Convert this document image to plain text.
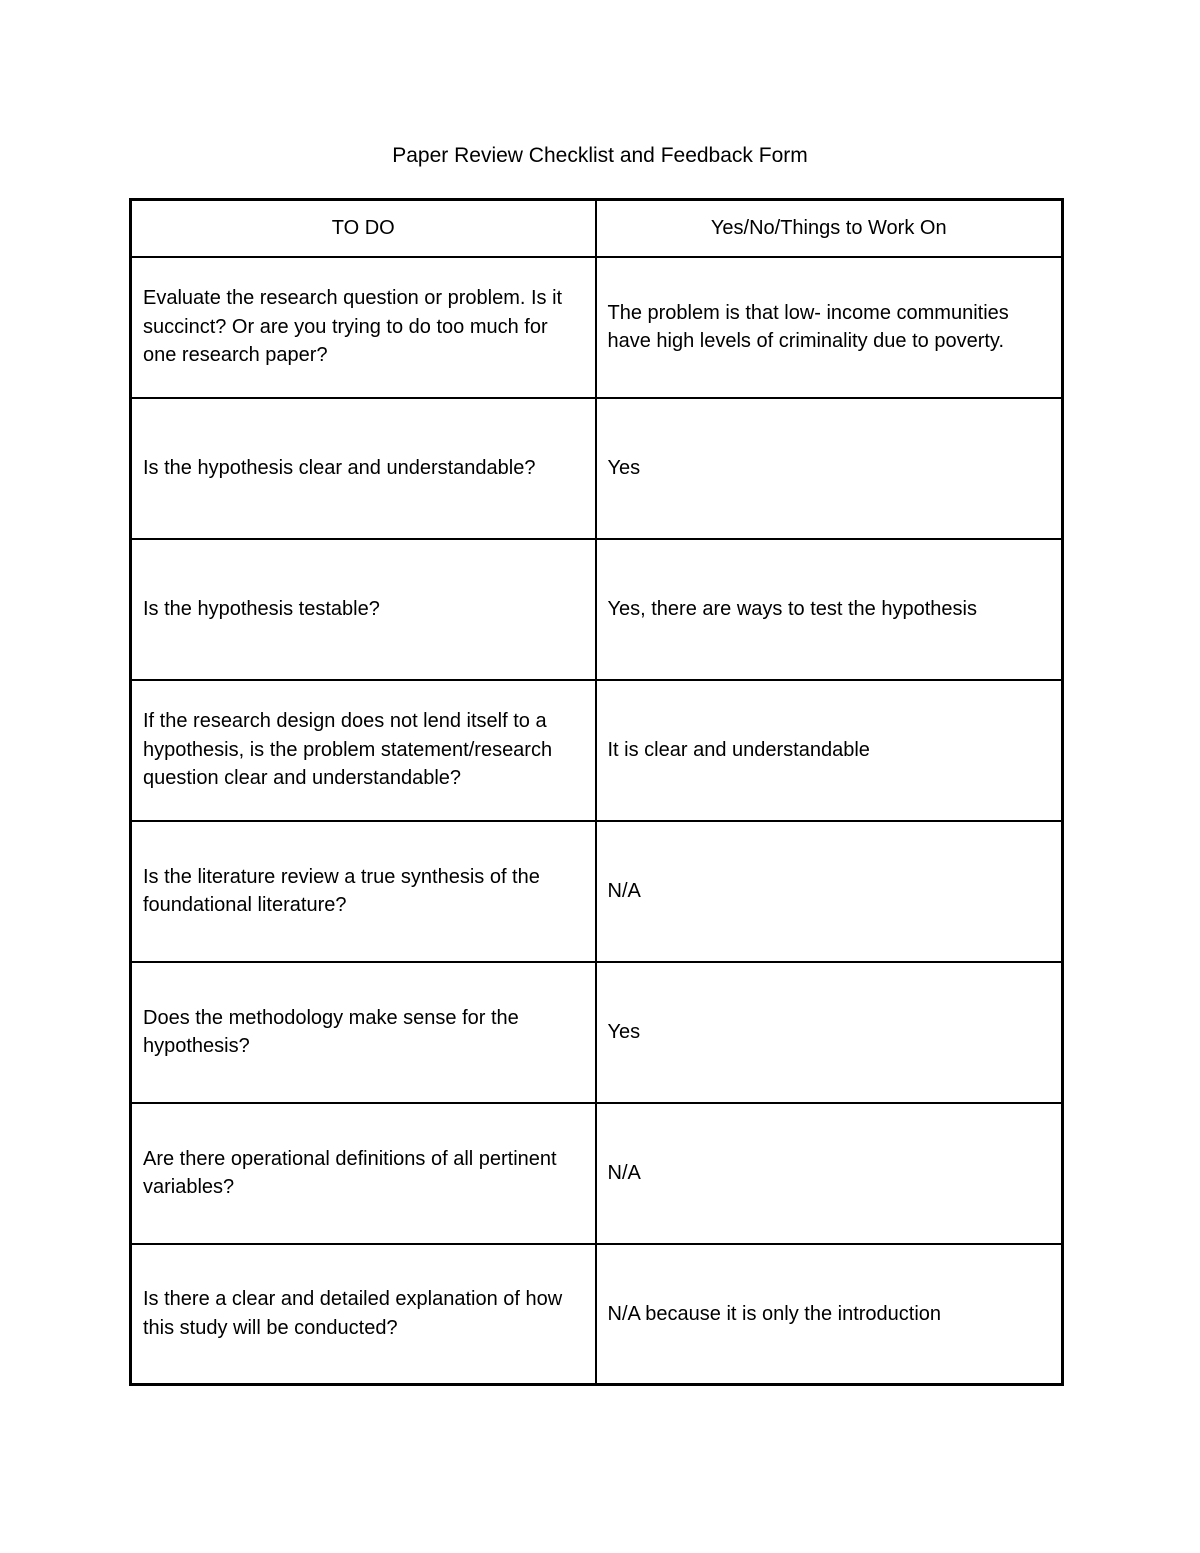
Paper Review Checklist and Feedback Form
TO DO	Yes/No/Things to Work On
Evaluate the research question or problem. Is it succinct? Or are you trying to do too much for one research paper?	The problem is that low- income communities have high levels of criminality due to poverty.
Is the hypothesis clear and understandable?	Yes
Is the hypothesis testable?	Yes, there are ways to test the hypothesis
If the research design does not lend itself to a hypothesis, is the problem statement/research question clear and understandable?	It is clear and understandable
Is the literature review a true synthesis of the foundational literature?	N/A
Does the methodology make sense for the hypothesis?	Yes
Are there operational definitions of all pertinent variables?	N/A
Is there a clear and detailed explanation of how this study will be conducted?	N/A because it is only the introduction
